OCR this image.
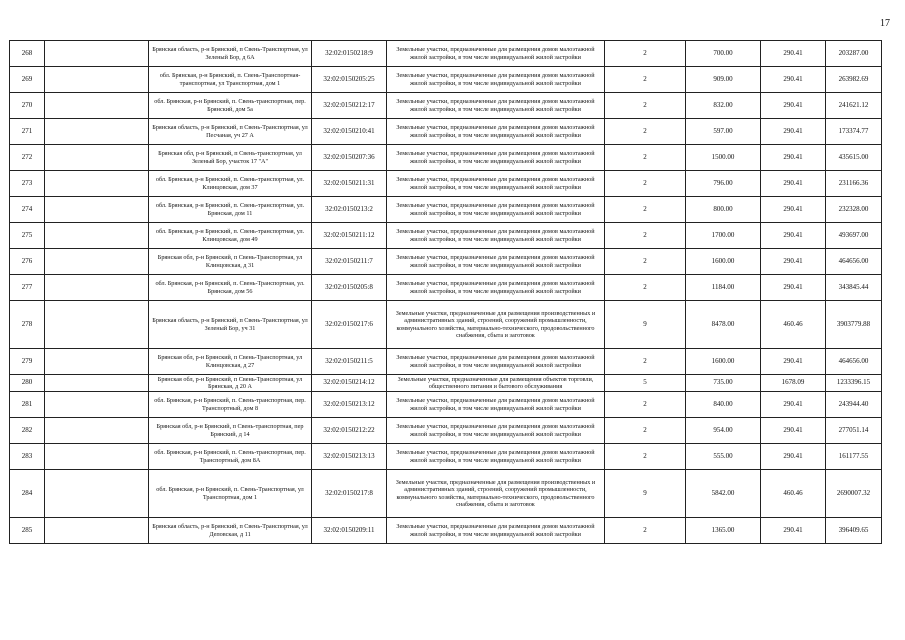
17
268		Брянская область, р-н Брянский, п Свень-Транспортная, ул Зеленый Бор, д 6А	32:02:0150218:9	Земельные участки, предназначенные для размещения домов малоэтажной жилой застройки, в том числе индивидуальной жилой застройки	2	700.00	290.41	203287.00
269		обл. Брянская, р-н Брянский, п. Свень-Транспортная-транспортная, ул Транспортная, дом 1	32:02:0150205:25	Земельные участки, предназначенные для размещения домов малоэтажной жилой застройки, в том числе индивидуальной жилой застройки	2	909.00	290.41	263982.69
270		обл. Брянская, р-н Брянский, п. Свень-транспортная, пер. Брянский, дом 5а	32:02:0150212:17	Земельные участки, предназначенные для размещения домов малоэтажной жилой застройки, в том числе индивидуальной жилой застройки	2	832.00	290.41	241621.12
271		Брянская область, р-н Брянский, п Свень-Транспортная, ул Песчаная, уч 27 А	32:02:0150210:41	Земельные участки, предназначенные для размещения домов малоэтажной жилой застройки, в том числе индивидуальной жилой застройки	2	597.00	290.41	173374.77
272		Брянская обл, р-н Брянский, п Свень-транспортная, ул Зеленый Бор, участок 17 "А"	32:02:0150207:36	Земельные участки, предназначенные для размещения домов малоэтажной жилой застройки, в том числе индивидуальной жилой застройки	2	1500.00	290.41	435615.00
273		обл. Брянская, р-н Брянский, п. Свень-транспортная, ул. Клинцовская, дом 37	32:02:0150211:31	Земельные участки, предназначенные для размещения домов малоэтажной жилой застройки, в том числе индивидуальной жилой застройки	2	796.00	290.41	231166.36
274		обл. Брянская, р-н Брянский, п. Свень-транспортная, ул. Брянская, дом 11	32:02:0150213:2	Земельные участки, предназначенные для размещения домов малоэтажной жилой застройки, в том числе индивидуальной жилой застройки	2	800.00	290.41	232328.00
275		обл. Брянская, р-н Брянский, п. Свень-транспортная, ул. Клинцовская, дом 49	32:02:0150211:12	Земельные участки, предназначенные для размещения домов малоэтажной жилой застройки, в том числе индивидуальной жилой застройки	2	1700.00	290.41	493697.00
276		Брянская обл, р-н Брянский, п Свень-Транспортная, ул Клинцовская, д 31	32:02:0150211:7	Земельные участки, предназначенные для размещения домов малоэтажной жилой застройки, в том числе индивидуальной жилой застройки	2	1600.00	290.41	464656.00
277		обл. Брянская, р-н Брянский, п. Свень-Транспортная, ул. Брянская, дом 56	32:02:0150205:8	Земельные участки, предназначенные для размещения домов малоэтажной жилой застройки, в том числе индивидуальной жилой застройки	2	1184.00	290.41	343845.44
278		Брянская область, р-н Брянский, п Свень-Транспортная, ул Зеленый Бор, уч 31	32:02:0150217:6	Земельные участки, предназначенные для размещения производственных и административных зданий, строений, сооружений промышленности, коммунального хозяйства, материально-технического, продовольственного снабжения, сбыта и заготовок	9	8478.00	460.46	3903779.88
279		Брянская обл, р-н Брянский, п Свень-Транспортная, ул Клинцовская, д 27	32:02:0150211:5	Земельные участки, предназначенные для размещения домов малоэтажной жилой застройки, в том числе индивидуальной жилой застройки	2	1600.00	290.41	464656.00
280		Брянская обл, р-н Брянский, п Свень-Транспортная, ул Брянская, д 20 А	32:02:0150214:12	Земельные участки, предназначенные для размещения объектов торговли, общественного питания и бытового обслуживания	5	735.00	1678.09	1233396.15
281		обл. Брянская, р-н Брянский, п. Свень-транспортная, пер. Транспортный, дом 8	32:02:0150213:12	Земельные участки, предназначенные для размещения домов малоэтажной жилой застройки, в том числе индивидуальной жилой застройки	2	840.00	290.41	243944.40
282		Брянская обл, р-н Брянский, п Свень-транспортная, пер Брянский, д 14	32:02:0150212:22	Земельные участки, предназначенные для размещения домов малоэтажной жилой застройки, в том числе индивидуальной жилой застройки	2	954.00	290.41	277051.14
283		обл. Брянская, р-н Брянский, п. Свень-транспортная, пер. Транспортный, дом 8А	32:02:0150213:13	Земельные участки, предназначенные для размещения домов малоэтажной жилой застройки, в том числе индивидуальной жилой застройки	2	555.00	290.41	161177.55
284		обл. Брянская, р-н Брянский, п. Свень-Транспортная, ул Транспортная, дом 1	32:02:0150217:8	Земельные участки, предназначенные для размещения производственных и административных зданий, строений, сооружений промышленности, коммунального хозяйства, материально-технического, продовольственного снабжения, сбыта и заготовок	9	5842.00	460.46	2690007.32
285		Брянская область, р-н Брянский, п Свень-Транспортная, ул Деповская, д 11	32:02:0150209:11	Земельные участки, предназначенные для размещения домов малоэтажной жилой застройки, в том числе индивидуальной жилой застройки	2	1365.00	290.41	396409.65
